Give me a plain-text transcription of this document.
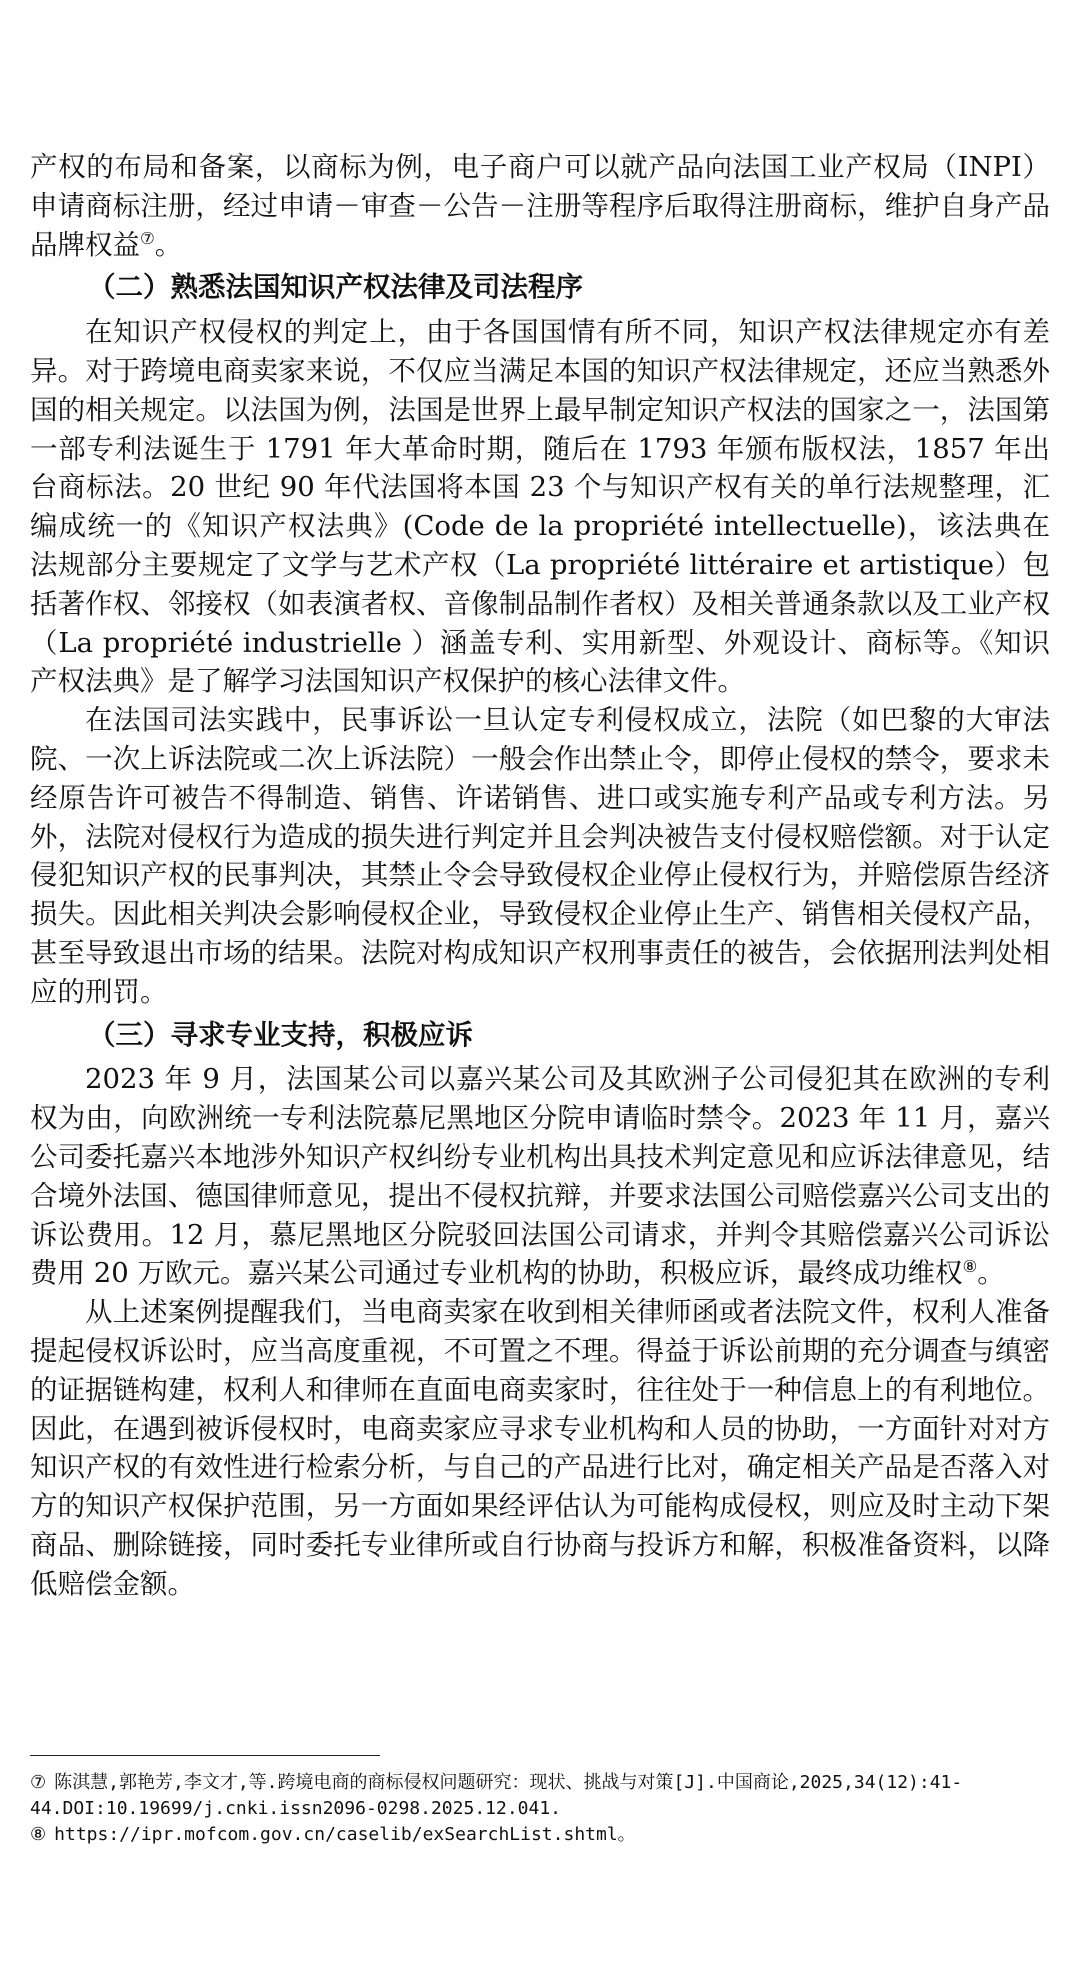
产权的布局和备案，以商标为例，电子商户可以就产品向法国工业产权局（INPI）申请商标注册，经过申请－审查－公告－注册等程序后取得注册商标，维护自身产品品牌权益⑦。

（二）熟悉法国知识产权法律及司法程序

在知识产权侵权的判定上，由于各国国情有所不同，知识产权法律规定亦有差异。对于跨境电商卖家来说，不仅应当满足本国的知识产权法律规定，还应当熟悉外国的相关规定。以法国为例，法国是世界上最早制定知识产权法的国家之一，法国第一部专利法诞生于 1791 年大革命时期，随后在 1793 年颁布版权法，1857 年出台商标法。20 世纪 90 年代法国将本国 23 个与知识产权有关的单行法规整理，汇编成统一的《知识产权法典》(Code de la propriété intellectuelle)，该法典在法规部分主要规定了文学与艺术产权（La propriété littéraire et artistique）包括著作权、邻接权（如表演者权、音像制品制作者权）及相关普通条款以及工业产权（La propriété industrielle ）涵盖专利、实用新型、外观设计、商标等。《知识产权法典》是了解学习法国知识产权保护的核心法律文件。

在法国司法实践中，民事诉讼一旦认定专利侵权成立，法院（如巴黎的大审法院、一次上诉法院或二次上诉法院）一般会作出禁止令，即停止侵权的禁令，要求未经原告许可被告不得制造、销售、许诺销售、进口或实施专利产品或专利方法。另外，法院对侵权行为造成的损失进行判定并且会判决被告支付侵权赔偿额。对于认定侵犯知识产权的民事判决，其禁止令会导致侵权企业停止侵权行为，并赔偿原告经济损失。因此相关判决会影响侵权企业，导致侵权企业停止生产、销售相关侵权产品，甚至导致退出市场的结果。法院对构成知识产权刑事责任的被告，会依据刑法判处相应的刑罚。

（三）寻求专业支持，积极应诉

2023 年 9 月，法国某公司以嘉兴某公司及其欧洲子公司侵犯其在欧洲的专利权为由，向欧洲统一专利法院慕尼黑地区分院申请临时禁令。2023 年 11 月，嘉兴公司委托嘉兴本地涉外知识产权纠纷专业机构出具技术判定意见和应诉法律意见，结合境外法国、德国律师意见，提出不侵权抗辩，并要求法国公司赔偿嘉兴公司支出的诉讼费用。12 月，慕尼黑地区分院驳回法国公司请求，并判令其赔偿嘉兴公司诉讼费用 20 万欧元。嘉兴某公司通过专业机构的协助，积极应诉，最终成功维权⑧。

从上述案例提醒我们，当电商卖家在收到相关律师函或者法院文件，权利人准备提起侵权诉讼时，应当高度重视，不可置之不理。得益于诉讼前期的充分调查与缜密的证据链构建，权利人和律师在直面电商卖家时，往往处于一种信息上的有利地位。因此，在遇到被诉侵权时，电商卖家应寻求专业机构和人员的协助，一方面针对对方知识产权的有效性进行检索分析，与自己的产品进行比对，确定相关产品是否落入对方的知识产权保护范围，另一方面如果经评估认为可能构成侵权，则应及时主动下架商品、删除链接，同时委托专业律所或自行协商与投诉方和解，积极准备资料，以降低赔偿金额。

⑦ 陈淇慧,郭艳芳,李文才,等.跨境电商的商标侵权问题研究：现状、挑战与对策[J].中国商论,2025,34(12):41-44.DOI:10.19699/j.cnki.issn2096-0298.2025.12.041.

⑧ https://ipr.mofcom.gov.cn/caselib/exSearchList.shtml。
